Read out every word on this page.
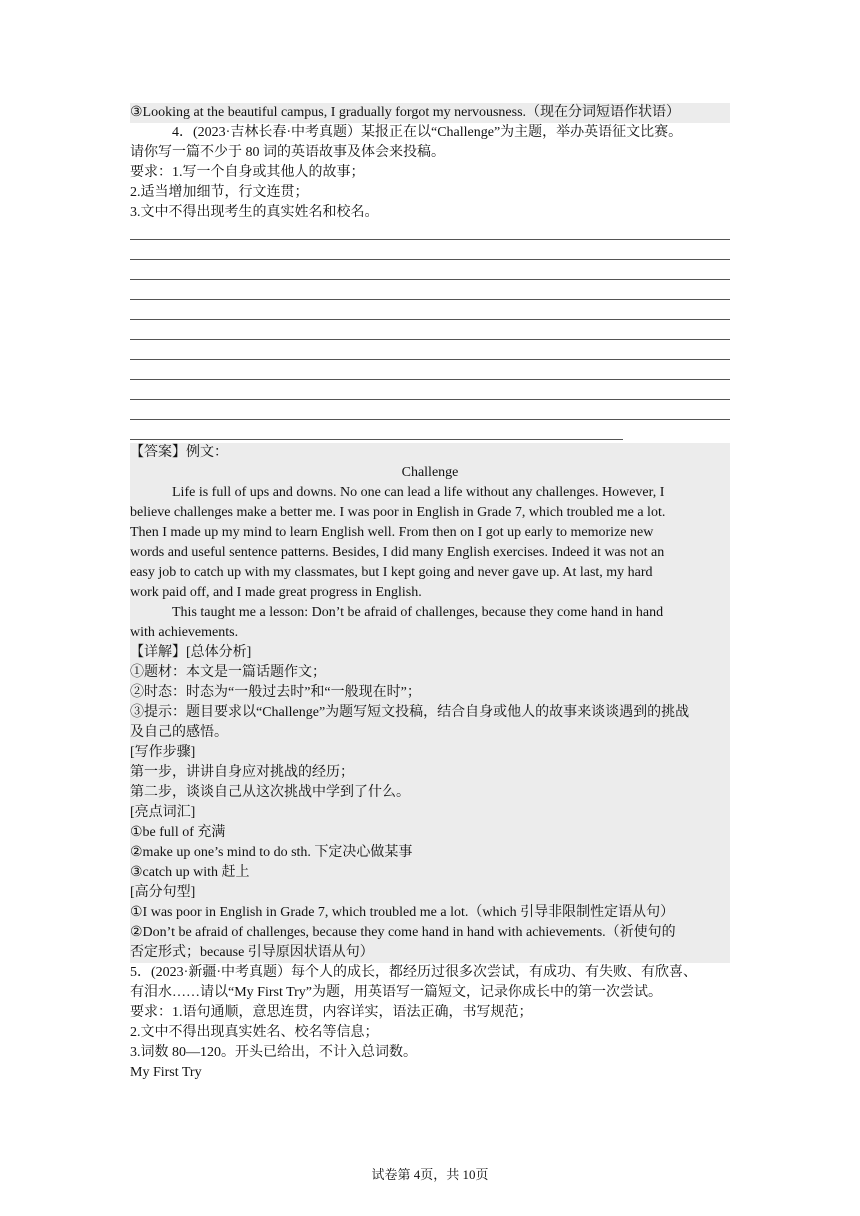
③Looking at the beautiful campus, I gradually forgot my nervousness.（现在分词短语作状语）
4．(2023·吉林长春·中考真题）某报正在以“Challenge”为主题，举办英语征文比赛。
请你写一篇不少于 80 词的英语故事及体会来投稿。
要求：1.写一个自身或其他人的故事；
2.适当增加细节，行文连贯；
3.文中不得出现考生的真实姓名和校名。
【答案】例文：
Challenge
Life is full of ups and downs. No one can lead a life without any challenges. However, I
believe challenges make a better me. I was poor in English in Grade 7, which troubled me a lot.
Then I made up my mind to learn English well. From then on I got up early to memorize new
words and useful sentence patterns. Besides, I did many English exercises. Indeed it was not an
easy job to catch up with my classmates, but I kept going and never gave up. At last, my hard
work paid off, and I made great progress in English.
This taught me a lesson: Don’t be afraid of challenges, because they come hand in hand
with achievements.
【详解】[总体分析]
①题材：本文是一篇话题作文；
②时态：时态为“一般过去时”和“一般现在时”；
③提示：题目要求以“Challenge”为题写短文投稿，结合自身或他人的故事来谈谈遇到的挑战
及自己的感悟。
[写作步骤]
第一步，讲讲自身应对挑战的经历；
第二步，谈谈自己从这次挑战中学到了什么。
[亮点词汇]
①be full of 充满
②make up one’s mind to do sth. 下定决心做某事
③catch up with 赶上
[高分句型]
①I was poor in English in Grade 7, which troubled me a lot.（which 引导非限制性定语从句）
②Don’t be afraid of challenges, because they come hand in hand with achievements.（祈使句的
否定形式；because 引导原因状语从句）
5．(2023·新疆·中考真题）每个人的成长，都经历过很多次尝试，有成功、有失败、有欣喜、
有泪水……请以“My First Try”为题，用英语写一篇短文，记录你成长中的第一次尝试。
要求：1.语句通顺，意思连贯，内容详实，语法正确，书写规范；
2.文中不得出现真实姓名、校名等信息；
3.词数 80—120。开头已给出，不计入总词数。
My First Try
试卷第 4页，共 10页
